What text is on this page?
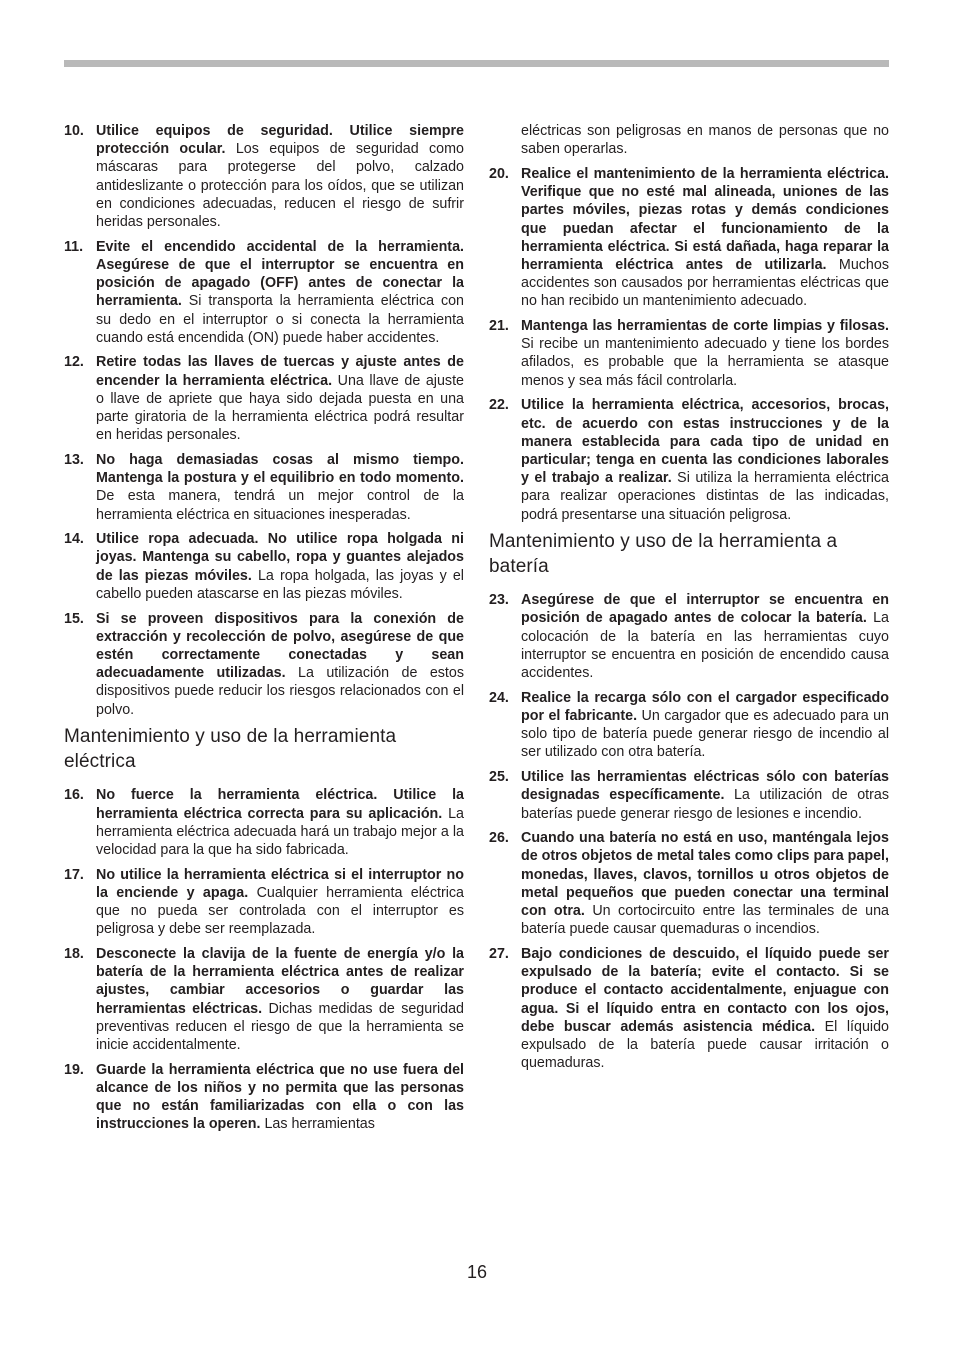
10. Utilice equipos de seguridad. Utilice siempre protección ocular. Los equipos de seguridad como máscaras para protegerse del polvo, calzado antideslizante o protección para los oídos, que se utilizan en condiciones adecuadas, reducen el riesgo de sufrir heridas personales.
11. Evite el encendido accidental de la herramienta. Asegúrese de que el interruptor se encuentra en posición de apagado (OFF) antes de conectar la herramienta. Si transporta la herramienta eléctrica con su dedo en el interruptor o si conecta la herramienta cuando está encendida (ON) puede haber accidentes.
12. Retire todas las llaves de tuercas y ajuste antes de encender la herramienta eléctrica. Una llave de ajuste o llave de apriete que haya sido dejada puesta en una parte giratoria de la herramienta eléctrica podrá resultar en heridas personales.
13. No haga demasiadas cosas al mismo tiempo. Mantenga la postura y el equilibrio en todo momento. De esta manera, tendrá un mejor control de la herramienta eléctrica en situaciones inesperadas.
14. Utilice ropa adecuada. No utilice ropa holgada ni joyas. Mantenga su cabello, ropa y guantes alejados de las piezas móviles. La ropa holgada, las joyas y el cabello pueden atascarse en las piezas móviles.
15. Si se proveen dispositivos para la conexión de extracción y recolección de polvo, asegúrese de que estén correctamente conectadas y sean adecuadamente utilizadas. La utilización de estos dispositivos puede reducir los riesgos relacionados con el polvo.
Mantenimiento y uso de la herramienta eléctrica
16. No fuerce la herramienta eléctrica. Utilice la herramienta eléctrica correcta para su aplicación. La herramienta eléctrica adecuada hará un trabajo mejor a la velocidad para la que ha sido fabricada.
17. No utilice la herramienta eléctrica si el interruptor no la enciende y apaga. Cualquier herramienta eléctrica que no pueda ser controlada con el interruptor es peligrosa y debe ser reemplazada.
18. Desconecte la clavija de la fuente de energía y/o la batería de la herramienta eléctrica antes de realizar ajustes, cambiar accesorios o guardar las herramientas eléctricas. Dichas medidas de seguridad preventivas reducen el riesgo de que la herramienta se inicie accidentalmente.
19. Guarde la herramienta eléctrica que no use fuera del alcance de los niños y no permita que las personas que no están familiarizadas con ella o con las instrucciones la operen. Las herramientas
eléctricas son peligrosas en manos de personas que no saben operarlas.
20. Realice el mantenimiento de la herramienta eléctrica. Verifique que no esté mal alineada, uniones de las partes móviles, piezas rotas y demás condiciones que puedan afectar el funcionamiento de la herramienta eléctrica. Si está dañada, haga reparar la herramienta eléctrica antes de utilizarla. Muchos accidentes son causados por herramientas eléctricas que no han recibido un mantenimiento adecuado.
21. Mantenga las herramientas de corte limpias y filosas. Si recibe un mantenimiento adecuado y tiene los bordes afilados, es probable que la herramienta se atasque menos y sea más fácil controlarla.
22. Utilice la herramienta eléctrica, accesorios, brocas, etc. de acuerdo con estas instrucciones y de la manera establecida para cada tipo de unidad en particular; tenga en cuenta las condiciones laborales y el trabajo a realizar. Si utiliza la herramienta eléctrica para realizar operaciones distintas de las indicadas, podrá presentarse una situación peligrosa.
Mantenimiento y uso de la herramienta a batería
23. Asegúrese de que el interruptor se encuentra en posición de apagado antes de colocar la batería. La colocación de la batería en las herramientas cuyo interruptor se encuentra en posición de encendido causa accidentes.
24. Realice la recarga sólo con el cargador especificado por el fabricante. Un cargador que es adecuado para un solo tipo de batería puede generar riesgo de incendio al ser utilizado con otra batería.
25. Utilice las herramientas eléctricas sólo con baterías designadas específicamente. La utilización de otras baterías puede generar riesgo de lesiones e incendio.
26. Cuando una batería no está en uso, manténgala lejos de otros objetos de metal tales como clips para papel, monedas, llaves, clavos, tornillos u otros objetos de metal pequeños que pueden conectar una terminal con otra. Un cortocircuito entre las terminales de una batería puede causar quemaduras o incendios.
27. Bajo condiciones de descuido, el líquido puede ser expulsado de la batería; evite el contacto. Si se produce el contacto accidentalmente, enjuague con agua. Si el líquido entra en contacto con los ojos, debe buscar además asistencia médica. El líquido expulsado de la batería puede causar irritación o quemaduras.
16
